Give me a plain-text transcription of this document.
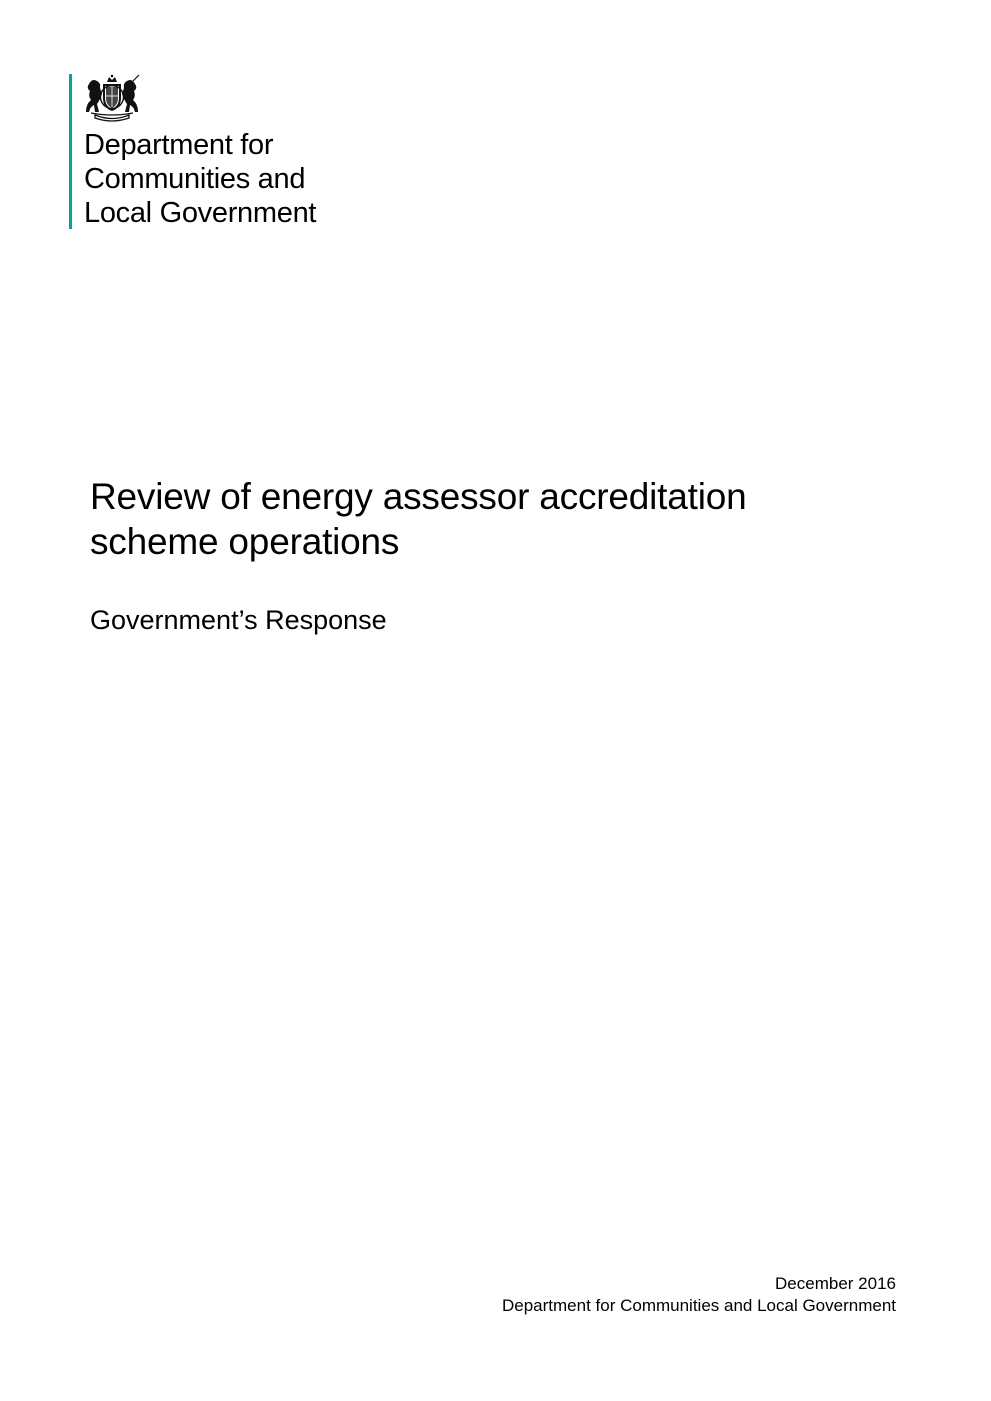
Department for
Communities and
Local Government
Review of energy assessor accreditation
scheme operations
Government’s Response
December 2016
Department for Communities and Local Government
